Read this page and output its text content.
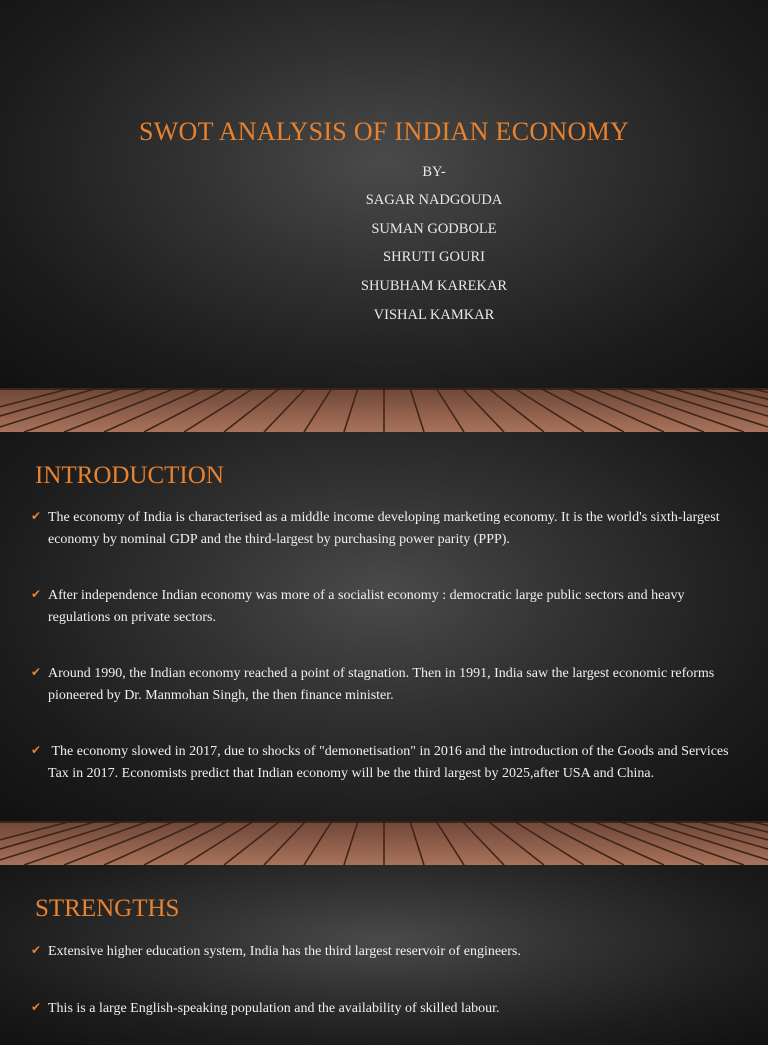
SWOT ANALYSIS OF INDIAN ECONOMY
BY-
SAGAR NADGOUDA
SUMAN GODBOLE
SHRUTI GOURI
SHUBHAM KAREKAR
VISHAL KAMKAR
INTRODUCTION
✔ The economy of India is characterised as a middle income developing marketing economy. It is the world's sixth-largest economy by nominal GDP and the third-largest by purchasing power parity (PPP).
✔ After independence Indian economy was more of a socialist economy : democratic large public sectors and heavy regulations on private sectors.
✔ Around 1990, the Indian economy reached a point of stagnation. Then in 1991, India saw the largest economic reforms pioneered by Dr. Manmohan Singh, the then finance minister.
✔ The economy slowed in 2017, due to shocks of "demonetisation" in 2016 and the introduction of the Goods and Services Tax in 2017. Economists predict that Indian economy will be the third largest by 2025,after USA and China.
STRENGTHS
✔ Extensive higher education system, India has the third largest reservoir of engineers.
✔ This is a large English-speaking population and the availability of skilled labour.
